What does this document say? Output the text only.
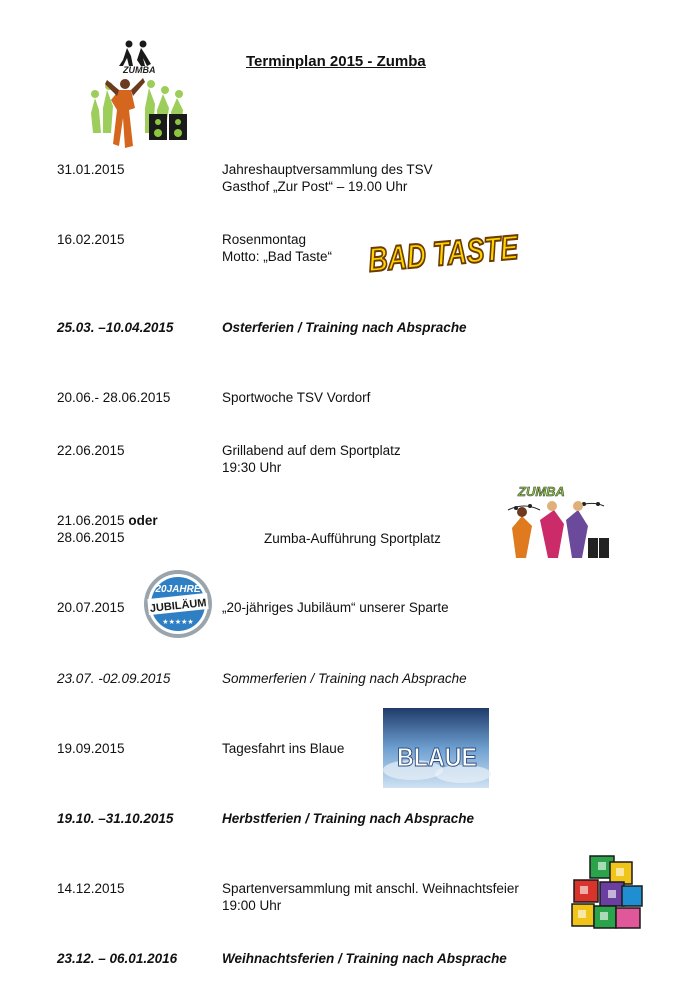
ZUMBA	Terminplan 2015 - Zumba
31.01.2015	Jahreshauptversammlung des TSV
Gasthof „Zur Post“ – 19.00 Uhr
16.02.2015	Rosenmontag
Motto: „Bad Taste“ BAD TASTE
25.03. –10.04.2015	Osterferien / Training nach Absprache
20.06.- 28.06.2015	Sportwoche TSV Vordorf
22.06.2015	Grillabend auf dem Sportplatz
19:30 Uhr
21.06.2015 oder
28.06.2015	Zumba-Aufführung Sportplatz
ZUMBA
20.07.2015	„20-jähriges Jubiläum“ unserer Sparte
20JAHRE
JUBILÄUM
★★★★★
23.07. -02.09.2015	Sommerferien / Training nach Absprache
19.09.2015	Tagesfahrt ins Blaue BLAUE
19.10. –31.10.2015	Herbstferien / Training nach Absprache
14.12.2015	Spartenversammlung mit anschl. Weihnachtsfeier
19:00 Uhr
23.12. – 06.01.2016	Weihnachtsferien / Training nach Absprache
